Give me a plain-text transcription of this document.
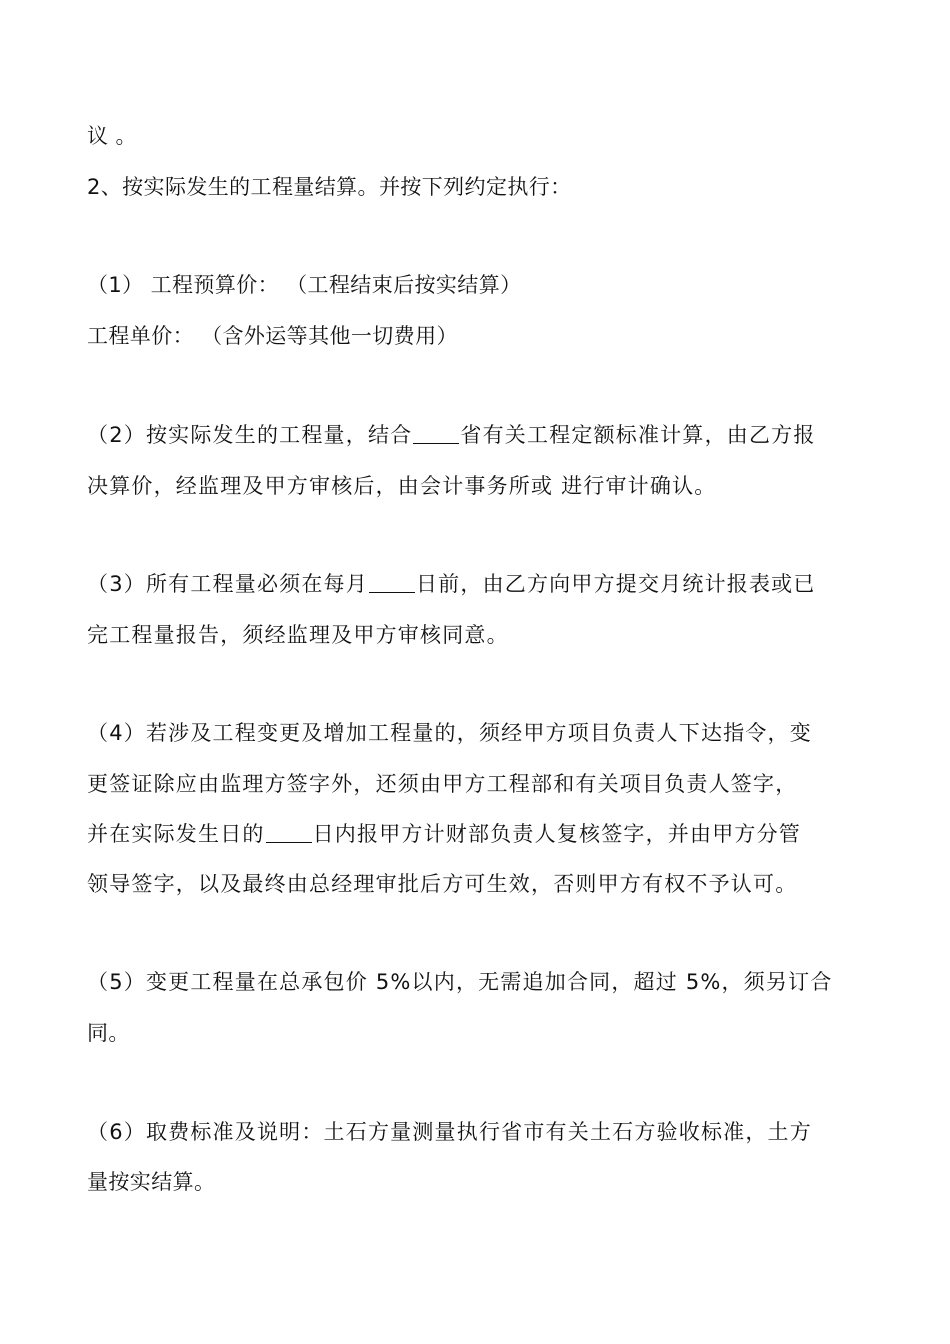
议 。
2、按实际发生的工程量结算。并按下列约定执行：
（1） 工程预算价： （工程结束后按实结算）
工程单价： （含外运等其他一切费用）
（2）按实际发生的工程量，结合 省有关工程定额标准计算，由乙方报
决算价，经监理及甲方审核后，由会计事务所或 进行审计确认。
（3）所有工程量必须在每月 日前，由乙方向甲方提交月统计报表或已
完工程量报告，须经监理及甲方审核同意。
（4）若涉及工程变更及增加工程量的，须经甲方项目负责人下达指令，变
更签证除应由监理方签字外，还须由甲方工程部和有关项目负责人签字，
并在实际发生日的 日内报甲方计财部负责人复核签字，并由甲方分管
领导签字，以及最终由总经理审批后方可生效，否则甲方有权不予认可。
（5）变更工程量在总承包价 5%以内，无需追加合同，超过 5%，须另订合
同。
（6）取费标准及说明：土石方量测量执行省市有关土石方验收标准，土方
量按实结算。
